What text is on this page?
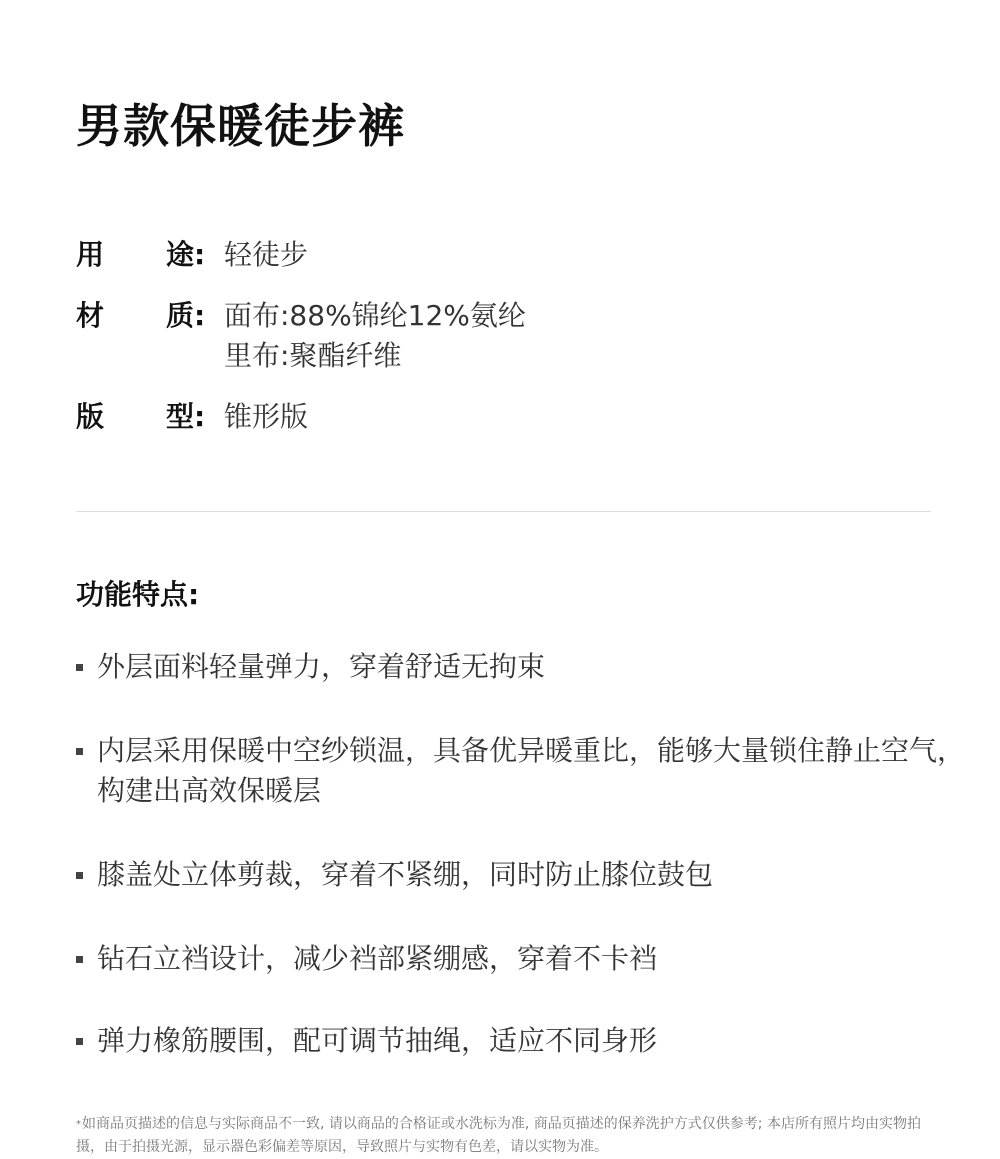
男款保暖徒步裤
用 途: 轻徒步
材 质: 面布:88%锦纶12%氨纶
里布:聚酯纤维
版 型: 锥形版
功能特点:
外层面料轻量弹力，穿着舒适无拘束
内层采用保暖中空纱锁温，具备优异暖重比，能够大量锁住静止空气，构建出高效保暖层
膝盖处立体剪裁，穿着不紧绷，同时防止膝位鼓包
钻石立裆设计，减少裆部紧绷感，穿着不卡裆
弹力橡筋腰围，配可调节抽绳，适应不同身形
*如商品页描述的信息与实际商品不一致, 请以商品的合格证或水洗标为准, 商品页描述的保养洗护方式仅供参考; 本店所有照片均由实物拍摄，由于拍摄光源，显示器色彩偏差等原因，导致照片与实物有色差，请以实物为准。
